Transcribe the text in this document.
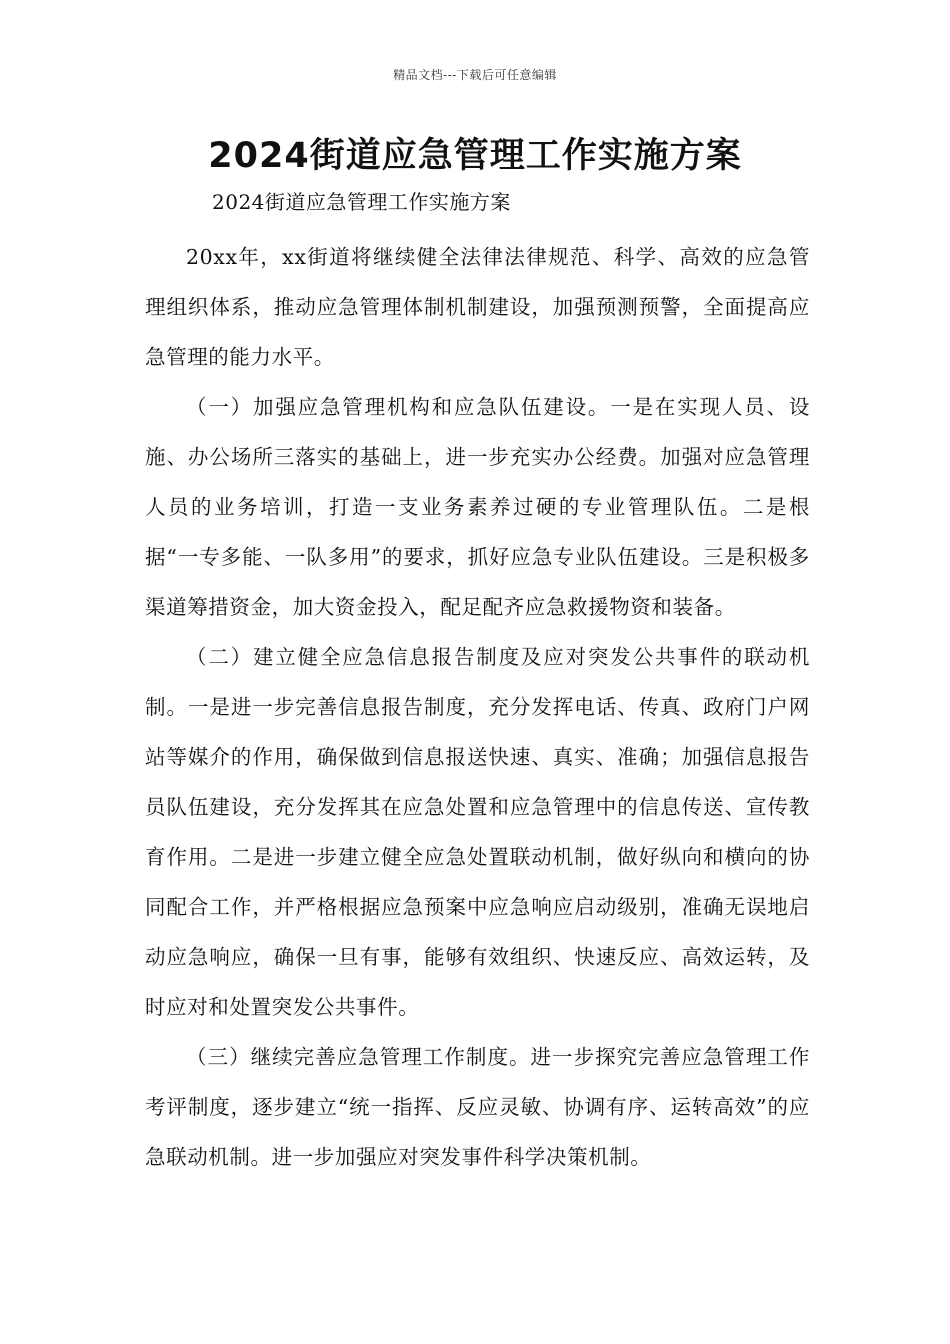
精品文档---下载后可任意编辑
2024街道应急管理工作实施方案
2024街道应急管理工作实施方案

20xx年，xx街道将继续健全法律法律规范、科学、高效的应急管理组织体系，推动应急管理体制机制建设，加强预测预警，全面提高应急管理的能力水平。

（一）加强应急管理机构和应急队伍建设。一是在实现人员、设施、办公场所三落实的基础上，进一步充实办公经费。加强对应急管理人员的业务培训，打造一支业务素养过硬的专业管理队伍。二是根据“一专多能、一队多用”的要求，抓好应急专业队伍建设。三是积极多渠道筹措资金，加大资金投入，配足配齐应急救援物资和装备。

（二）建立健全应急信息报告制度及应对突发公共事件的联动机制。一是进一步完善信息报告制度，充分发挥电话、传真、政府门户网站等媒介的作用，确保做到信息报送快速、真实、准确；加强信息报告员队伍建设，充分发挥其在应急处置和应急管理中的信息传送、宣传教育作用。二是进一步建立健全应急处置联动机制，做好纵向和横向的协同配合工作，并严格根据应急预案中应急响应启动级别，准确无误地启动应急响应，确保一旦有事，能够有效组织、快速反应、高效运转，及时应对和处置突发公共事件。

（三）继续完善应急管理工作制度。进一步探究完善应急管理工作考评制度，逐步建立“统一指挥、反应灵敏、协调有序、运转高效”的应急联动机制。进一步加强应对突发事件科学决策机制。
